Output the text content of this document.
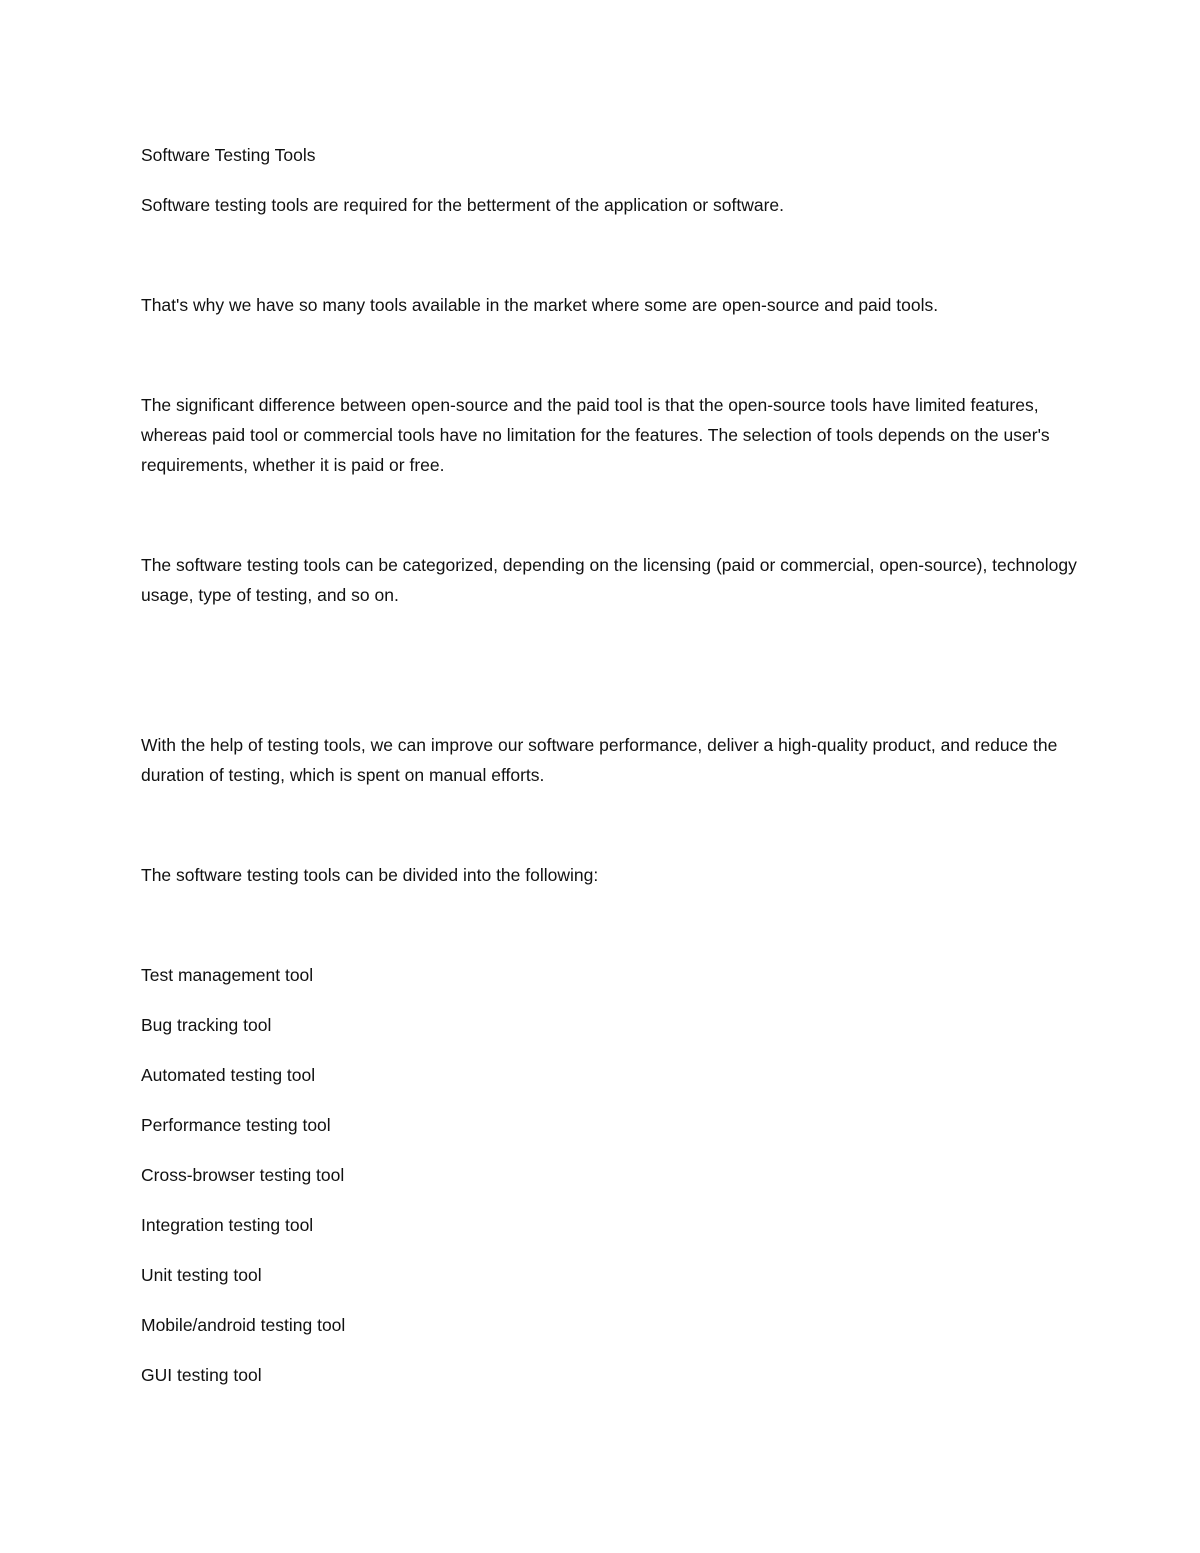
Software Testing Tools

Software testing tools are required for the betterment of the application or software.

That's why we have so many tools available in the market where some are open-source and paid tools.

The significant difference between open-source and the paid tool is that the open-source tools have limited features, whereas paid tool or commercial tools have no limitation for the features. The selection of tools depends on the user's requirements, whether it is paid or free.

The software testing tools can be categorized, depending on the licensing (paid or commercial, open-source), technology usage, type of testing, and so on.

With the help of testing tools, we can improve our software performance, deliver a high-quality product, and reduce the duration of testing, which is spent on manual efforts.

The software testing tools can be divided into the following:

Test management tool
Bug tracking tool
Automated testing tool
Performance testing tool
Cross-browser testing tool
Integration testing tool
Unit testing tool
Mobile/android testing tool
GUI testing tool
